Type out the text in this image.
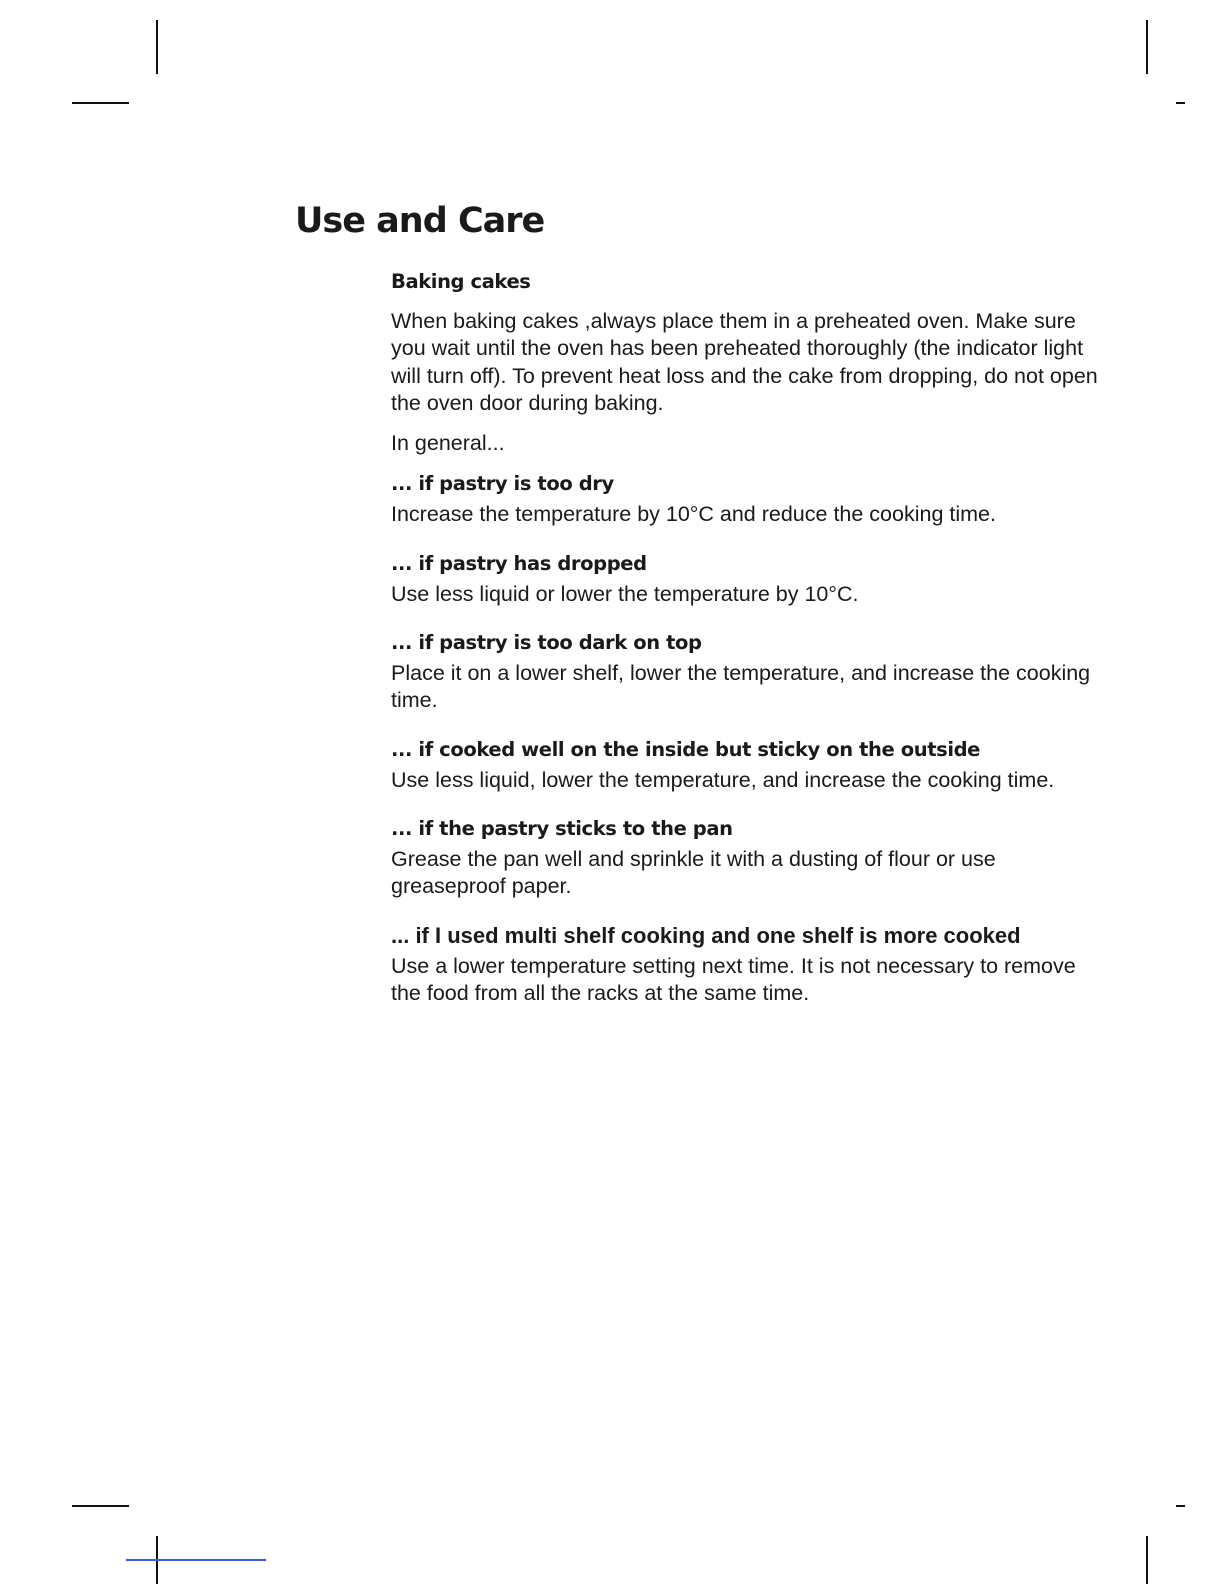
Use and Care
Baking cakes

When baking cakes ,always place them in a preheated oven. Make sure you wait until the oven has been preheated thoroughly (the indicator light will turn off). To prevent heat loss and the cake from dropping, do not open the oven door during baking.

In general...

... if pastry is too dry

Increase the temperature by 10°C and reduce the cooking time.

... if pastry has dropped

Use less liquid or lower the temperature by 10°C.

... if pastry is too dark on top

Place it on a lower shelf, lower the temperature, and increase the cooking time.

... if cooked well on the inside but sticky on the outside

Use less liquid, lower the temperature, and increase the cooking time.

... if the pastry sticks to the pan

Grease the pan well and sprinkle it with a dusting of flour or use greaseproof paper.

... if I used multi shelf cooking and one shelf is more cooked

Use a lower temperature setting next time. It is not necessary to remove the food from all the racks at the same time.
